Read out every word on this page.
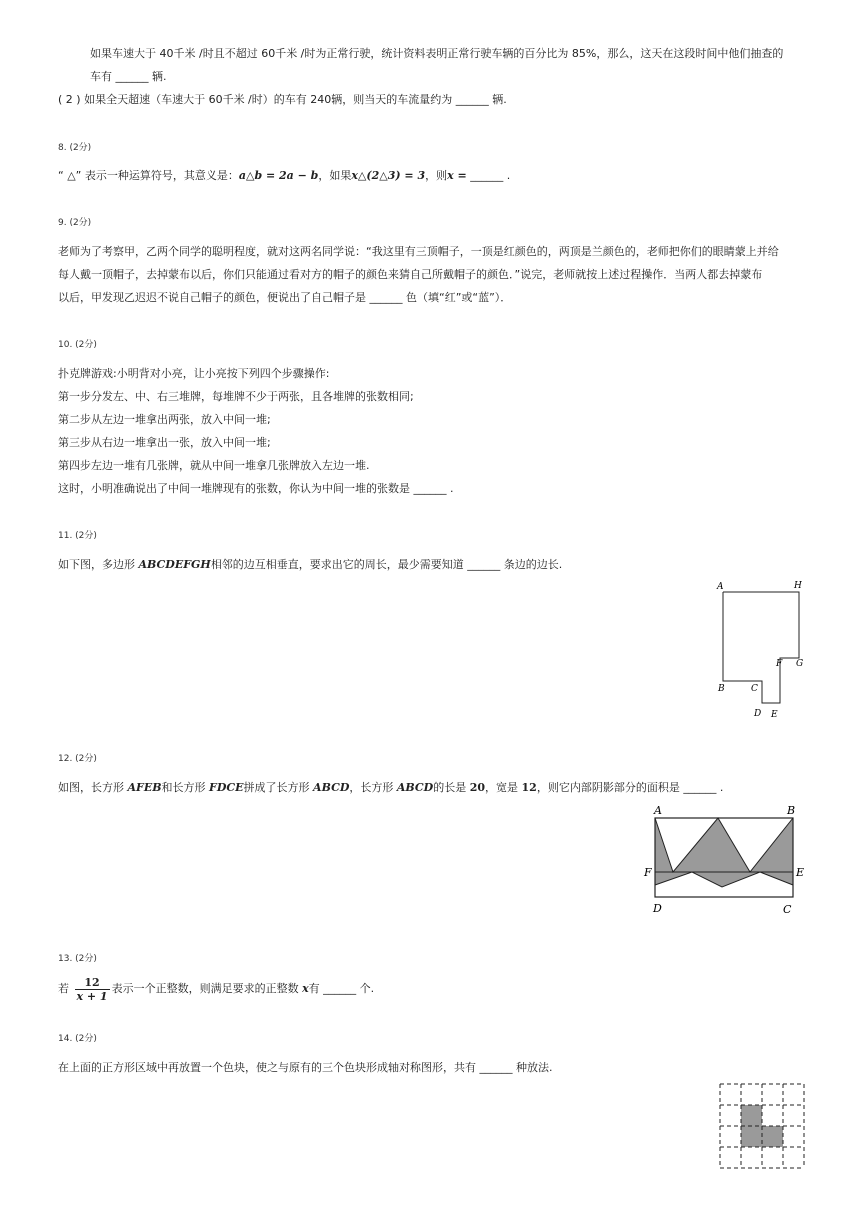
如果车速大于 40千米 /时且不超过 60千米 /时为正常行驶，统计资料表明正常行驶车辆的百分比为 85%，那么，这天在这段时间中他们抽查的
车有 ______ 辆.
( 2 ) 如果全天超速（车速大于 60千米 /时）的车有 240辆，则当天的车流量约为 ______ 辆.
8. (2分)
“ △” 表示一种运算符号，其意义是：a△b = 2a − b，如果x△(2△3) = 3，则x = ______ .
9. (2分)
老师为了考察甲，乙两个同学的聪明程度，就对这两名同学说：“我这里有三顶帽子，一顶是红颜色的，两顶是兰颜色的，老师把你们的眼睛蒙上并给
每人戴一顶帽子，去掉蒙布以后，你们只能通过看对方的帽子的颜色来猜自己所戴帽子的颜色．”说完，老师就按上述过程操作．当两人都去掉蒙布
以后，甲发现乙迟迟不说自己帽子的颜色，便说出了自己帽子是 ______ 色（填“红”或“蓝”）．
10. (2分)
扑克牌游戏:小明背对小亮，让小亮按下列四个步骤操作:
第一步分发左、中、右三堆牌，每堆牌不少于两张，且各堆牌的张数相同;
第二步从左边一堆拿出两张，放入中间一堆;
第三步从右边一堆拿出一张，放入中间一堆;
第四步左边一堆有几张牌，就从中间一堆拿几张牌放入左边一堆.
这时，小明准确说出了中间一堆牌现有的张数，你认为中间一堆的张数是 ______ .
11. (2分)
如下图，多边形 ABCDEFGH相邻的边互相垂直，要求出它的周长，最少需要知道 ______ 条边的边长.
A	H
F G
B	C
D E
12. (2分)
如图，长方形 AFEB和长方形 FDCE拼成了长方形 ABCD，长方形 ABCD的长是 20，宽是 12，则它内部阴影部分的面积是 ______ .
A	B
F	E
D	C
13. (2分)
若 $\frac{12}{x + 1}$ 表示一个正整数，则满足要求的正整数 x有 ______ 个.
14. (2分)
在上面的正方形区域中再放置一个色块，使之与原有的三个色块形成轴对称图形，共有 ______ 种放法.
